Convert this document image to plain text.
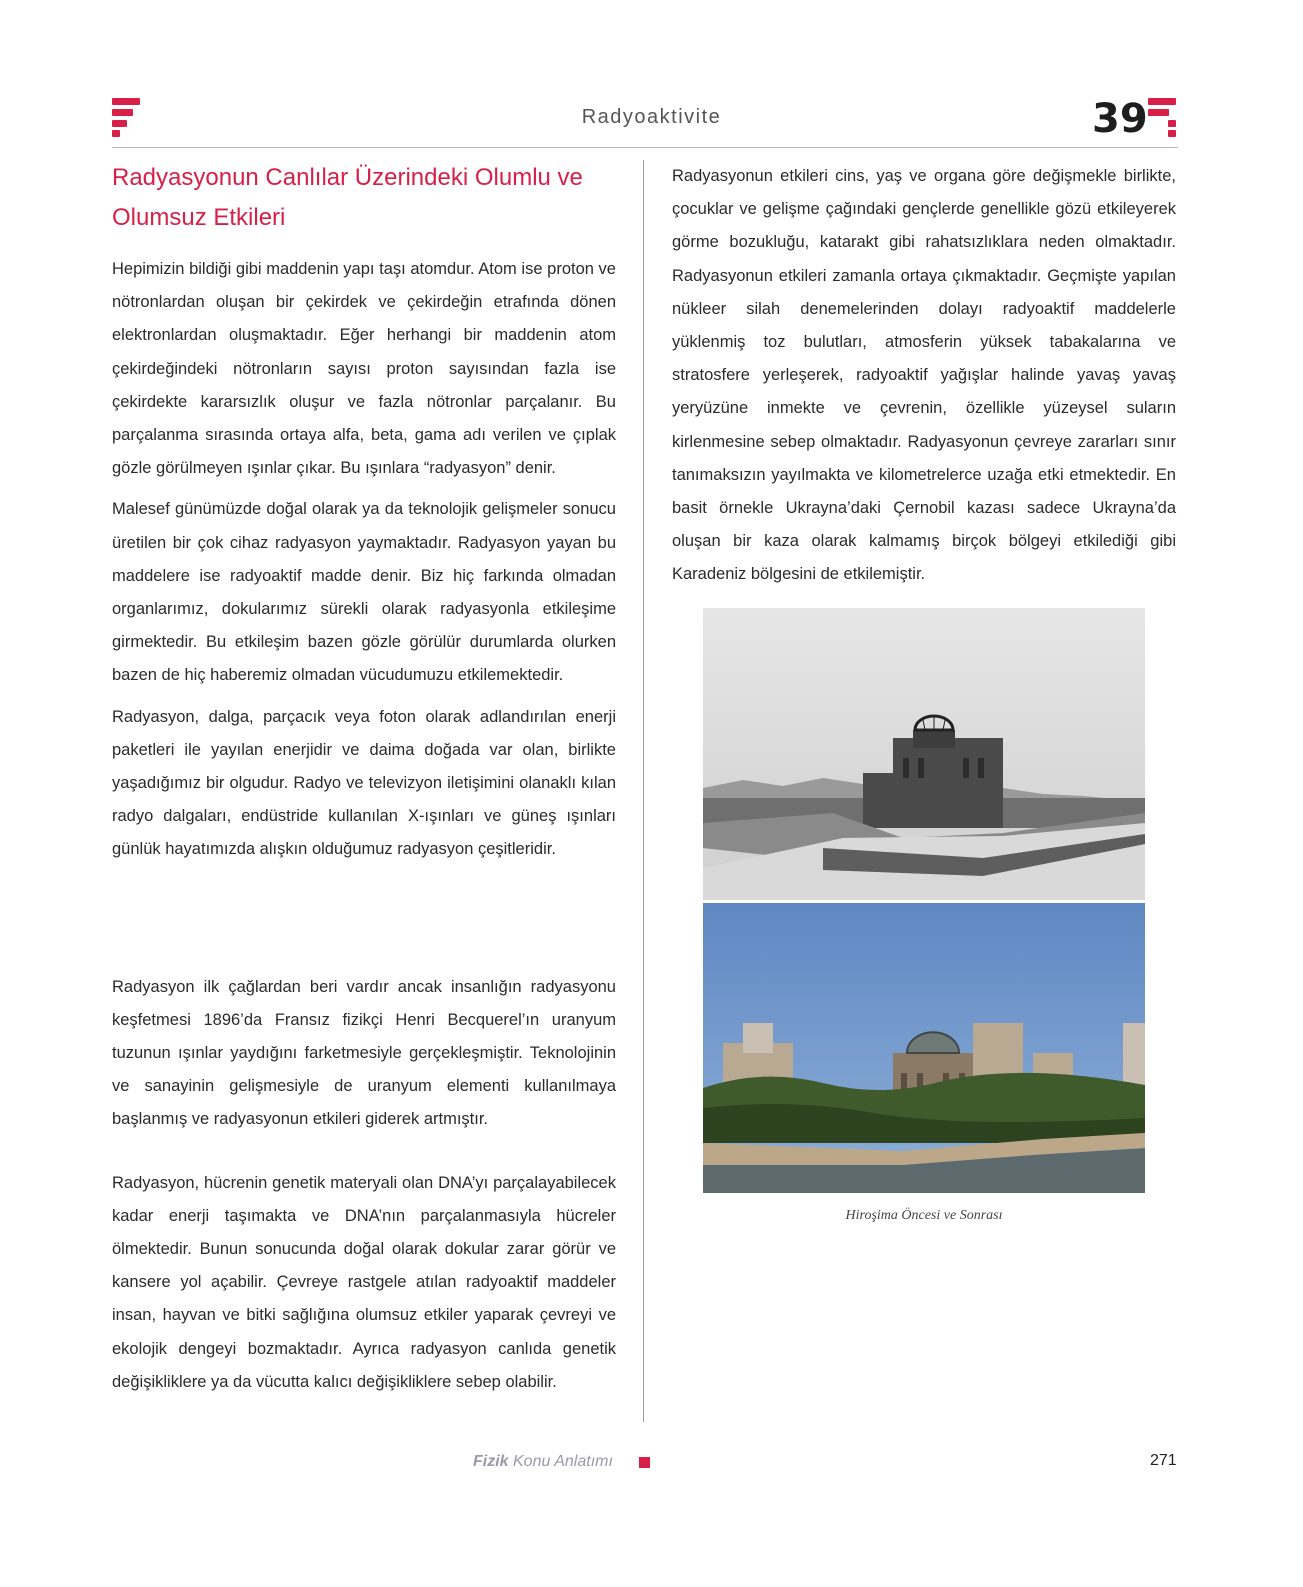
Radyoaktivite	39
Radyasyonun Canlılar Üzerindeki Olumlu ve Olumsuz Etkileri

Hepimizin bildiği gibi maddenin yapı taşı atomdur. Atom ise proton ve nötronlardan oluşan bir çekirdek ve çekirdeğin etrafında dönen elektronlardan oluşmaktadır. Eğer herhangi bir maddenin atom çekirdeğindeki nötronların sayısı proton sayısından fazla ise çekirdekte kararsızlık oluşur ve fazla nötronlar parçalanır. Bu parçalanma sırasında ortaya alfa, beta, gama adı verilen ve çıplak gözle görülmeyen ışınlar çıkar. Bu ışınlara “radyasyon” denir.

Malesef günümüzde doğal olarak ya da teknolojik gelişmeler sonucu üretilen bir çok cihaz radyasyon yaymaktadır. Radyasyon yayan bu maddelere ise radyoaktif madde denir. Biz hiç farkında olmadan organlarımız, dokularımız sürekli olarak radyasyonla etkileşime girmektedir. Bu etkileşim bazen gözle görülür durumlarda olurken bazen de hiç haberemiz olmadan vücudumuzu etkilemektedir.

Radyasyon, dalga, parçacık veya foton olarak adlandırılan enerji paketleri ile yayılan enerjidir ve daima doğada var olan, birlikte yaşadığımız bir olgudur. Radyo ve televizyon iletişimini olanaklı kılan radyo dalgaları, endüstride kullanılan X-ışınları ve güneş ışınları günlük hayatımızda alışkın olduğumuz radyasyon çeşitleridir.

Radyasyon ilk çağlardan beri vardır ancak insanlığın radyasyonu keşfetmesi 1896’da Fransız fizikçi Henri Becquerel’ın uranyum tuzunun ışınlar yaydığını farketmesiyle gerçekleşmiştir. Teknolojinin ve sanayinin gelişmesiyle de uranyum elementi kullanılmaya başlanmış ve radyasyonun etkileri giderek artmıştır.

Radyasyon, hücrenin genetik materyali olan DNA’yı parçalayabilecek kadar enerji taşımakta ve DNA’nın parçalanmasıyla hücreler ölmektedir. Bunun sonucunda doğal olarak dokular zarar görür ve kansere yol açabilir. Çevreye rastgele atılan radyoaktif maddeler insan, hayvan ve bitki sağlığına olumsuz etkiler yaparak çevreyi ve ekolojik dengeyi bozmaktadır. Ayrıca radyasyon canlıda genetik değişikliklere ya da vücutta kalıcı değişikliklere sebep olabilir.

Radyasyonun etkileri cins, yaş ve organa göre değişmekle birlikte, çocuklar ve gelişme çağındaki gençlerde genellikle gözü etkileyerek görme bozukluğu, katarakt gibi rahatsızlıklara neden olmaktadır. Radyasyonun etkileri zamanla ortaya çıkmaktadır. Geçmişte yapılan nükleer silah denemelerinden dolayı radyoaktif maddelerle yüklenmiş toz bulutları, atmosferin yüksek tabakalarına ve stratosfere yerleşerek, radyoaktif yağışlar halinde yavaş yavaş yeryüzüne inmekte ve çevrenin, özellikle yüzeysel suların kirlenmesine sebep olmaktadır. Radyasyonun çevreye zararları sınır tanımaksızın yayılmakta ve kilometrelerce uzağa etki etmektedir. En basit örnekle Ukrayna’daki Çernobil kazası sadece Ukrayna’da oluşan bir kaza olarak kalmamış birçok bölgeyi etkilediği gibi Karadeniz bölgesini de etkilemiştir.

Hiroşima Öncesi ve Sonrası
Fizik Konu Anlatımı	271
